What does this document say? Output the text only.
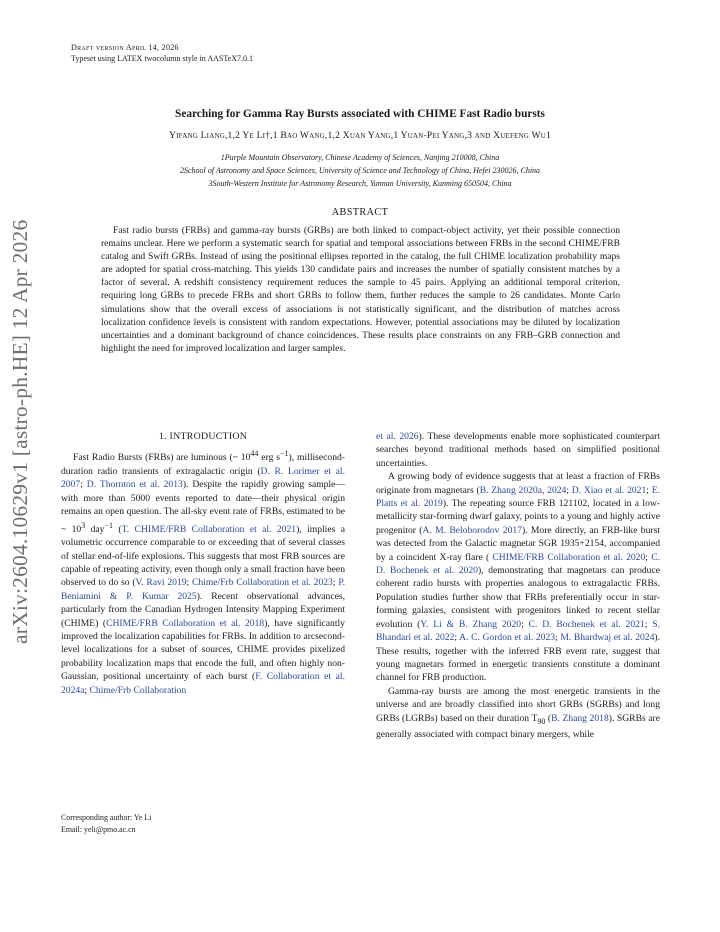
arXiv:2604.10629v1 [astro-ph.HE] 12 Apr 2026
Draft version April 14, 2026
Typeset using LATEX twocolumn style in AASTeX7.0.1
Searching for Gamma Ray Bursts associated with CHIME Fast Radio bursts
Yifang Liang,1,2 Ye Li†,1 Bao Wang,1,2 Xuan Yang,1 Yuan-Pei Yang,3 and Xuefeng Wu1
1Purple Mountain Observatory, Chinese Academy of Sciences, Nanjing 210008, China
2School of Astronomy and Space Sciences, University of Science and Technology of China, Hefei 230026, China
3South-Western Institute for Astronomy Research, Yunnan University, Kunming 650504, China
ABSTRACT
Fast radio bursts (FRBs) and gamma-ray bursts (GRBs) are both linked to compact-object activity, yet their possible connection remains unclear. Here we perform a systematic search for spatial and temporal associations between FRBs in the second CHIME/FRB catalog and Swift GRBs. Instead of using the positional ellipses reported in the catalog, the full CHIME localization probability maps are adopted for spatial cross-matching. This yields 130 candidate pairs and increases the number of spatially consistent matches by a factor of several. A redshift consistency requirement reduces the sample to 45 pairs. Applying an additional temporal criterion, requiring long GRBs to precede FRBs and short GRBs to follow them, further reduces the sample to 26 candidates. Monte Carlo simulations show that the overall excess of associations is not statistically significant, and the distribution of matches across localization confidence levels is consistent with random expectations. However, potential associations may be diluted by localization uncertainties and a dominant background of chance coincidences. These results place constraints on any FRB–GRB connection and highlight the need for improved localization and larger samples.
1. INTRODUCTION

Fast Radio Bursts (FRBs) are luminous (~ $10^{44}$ erg $s^{-1}$), millisecond-duration radio transients of extragalactic origin (D. R. Lorimer et al. 2007; D. Thornton et al. 2013). Despite the rapidly growing sample—with more than 5000 events reported to date—their physical origin remains an open question. The all-sky event rate of FRBs, estimated to be ~ $10^3$ day$^{-1}$ (T. CHIME/FRB Collaboration et al. 2021), implies a volumetric occurrence comparable to or exceeding that of several classes of stellar end-of-life explosions. This suggests that most FRB sources are capable of repeating activity, even though only a small fraction have been observed to do so (V. Ravi 2019; Chime/Frb Collaboration et al. 2023; P. Beniamini & P. Kumar 2025). Recent observational advances, particularly from the Canadian Hydrogen Intensity Mapping Experiment (CHIME) (CHIME/FRB Collaboration et al. 2018), have significantly improved the localization capabilities for FRBs. In addition to arcsecond-level localizations for a subset of sources, CHIME provides pixelized probability localization maps that encode the full, and often highly non-Gaussian, positional uncertainty of each burst (F. Collaboration et al. 2024a; Chime/Frb Collaboration

et al. 2026). These developments enable more sophisticated counterpart searches beyond traditional methods based on simplified positional uncertainties.

A growing body of evidence suggests that at least a fraction of FRBs originate from magnetars (B. Zhang 2020a, 2024; D. Xiao et al. 2021; E. Platts et al. 2019). The repeating source FRB 121102, located in a low-metallicity star-forming dwarf galaxy, points to a young and highly active progenitor (A. M. Beloborodov 2017). More directly, an FRB-like burst was detected from the Galactic magnetar SGR 1935+2154, accompanied by a coincident X-ray flare ( CHIME/FRB Collaboration et al. 2020; C. D. Bochenek et al. 2020), demonstrating that magnetars can produce coherent radio bursts with properties analogous to extragalactic FRBs. Population studies further show that FRBs preferentially occur in star-forming galaxies, consistent with progenitors linked to recent stellar evolution (Y. Li & B. Zhang 2020; C. D. Bochenek et al. 2021; S. Bhandari et al. 2022; A. C. Gordon et al. 2023; M. Bhardwaj et al. 2024). These results, together with the inferred FRB event rate, suggest that young magnetars formed in energetic transients constitute a dominant channel for FRB production.

Gamma-ray bursts are among the most energetic transients in the universe and are broadly classified into short GRBs (SGRBs) and long GRBs (LGRBs) based on their duration $T_{90}$ (B. Zhang 2018). SGRBs are generally associated with compact binary mergers, while

Corresponding author: Ye Li
Email: yeli@pmo.ac.cn
